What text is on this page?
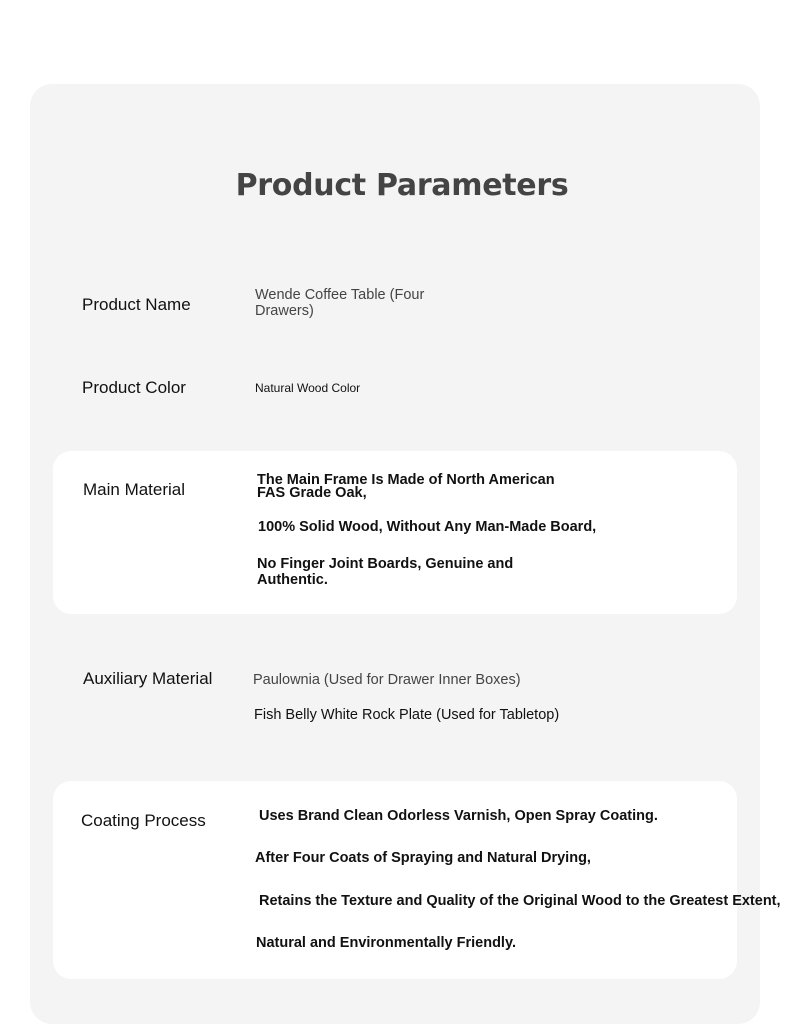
Product Parameters
Product Name	Wende Coffee Table (Four
Drawers)
Product Color	Natural Wood Color
Main Material	The Main Frame Is Made of North American
FAS Grade Oak,
100% Solid Wood, Without Any Man-Made Board,
No Finger Joint Boards, Genuine and
Authentic.
Auxiliary Material	Paulownia (Used for Drawer Inner Boxes)
Fish Belly White Rock Plate (Used for Tabletop)
Coating Process	Uses Brand Clean Odorless Varnish, Open Spray Coating.
After Four Coats of Spraying and Natural Drying,
Retains the Texture and Quality of the Original Wood to the Greatest Extent,
Natural and Environmentally Friendly.
